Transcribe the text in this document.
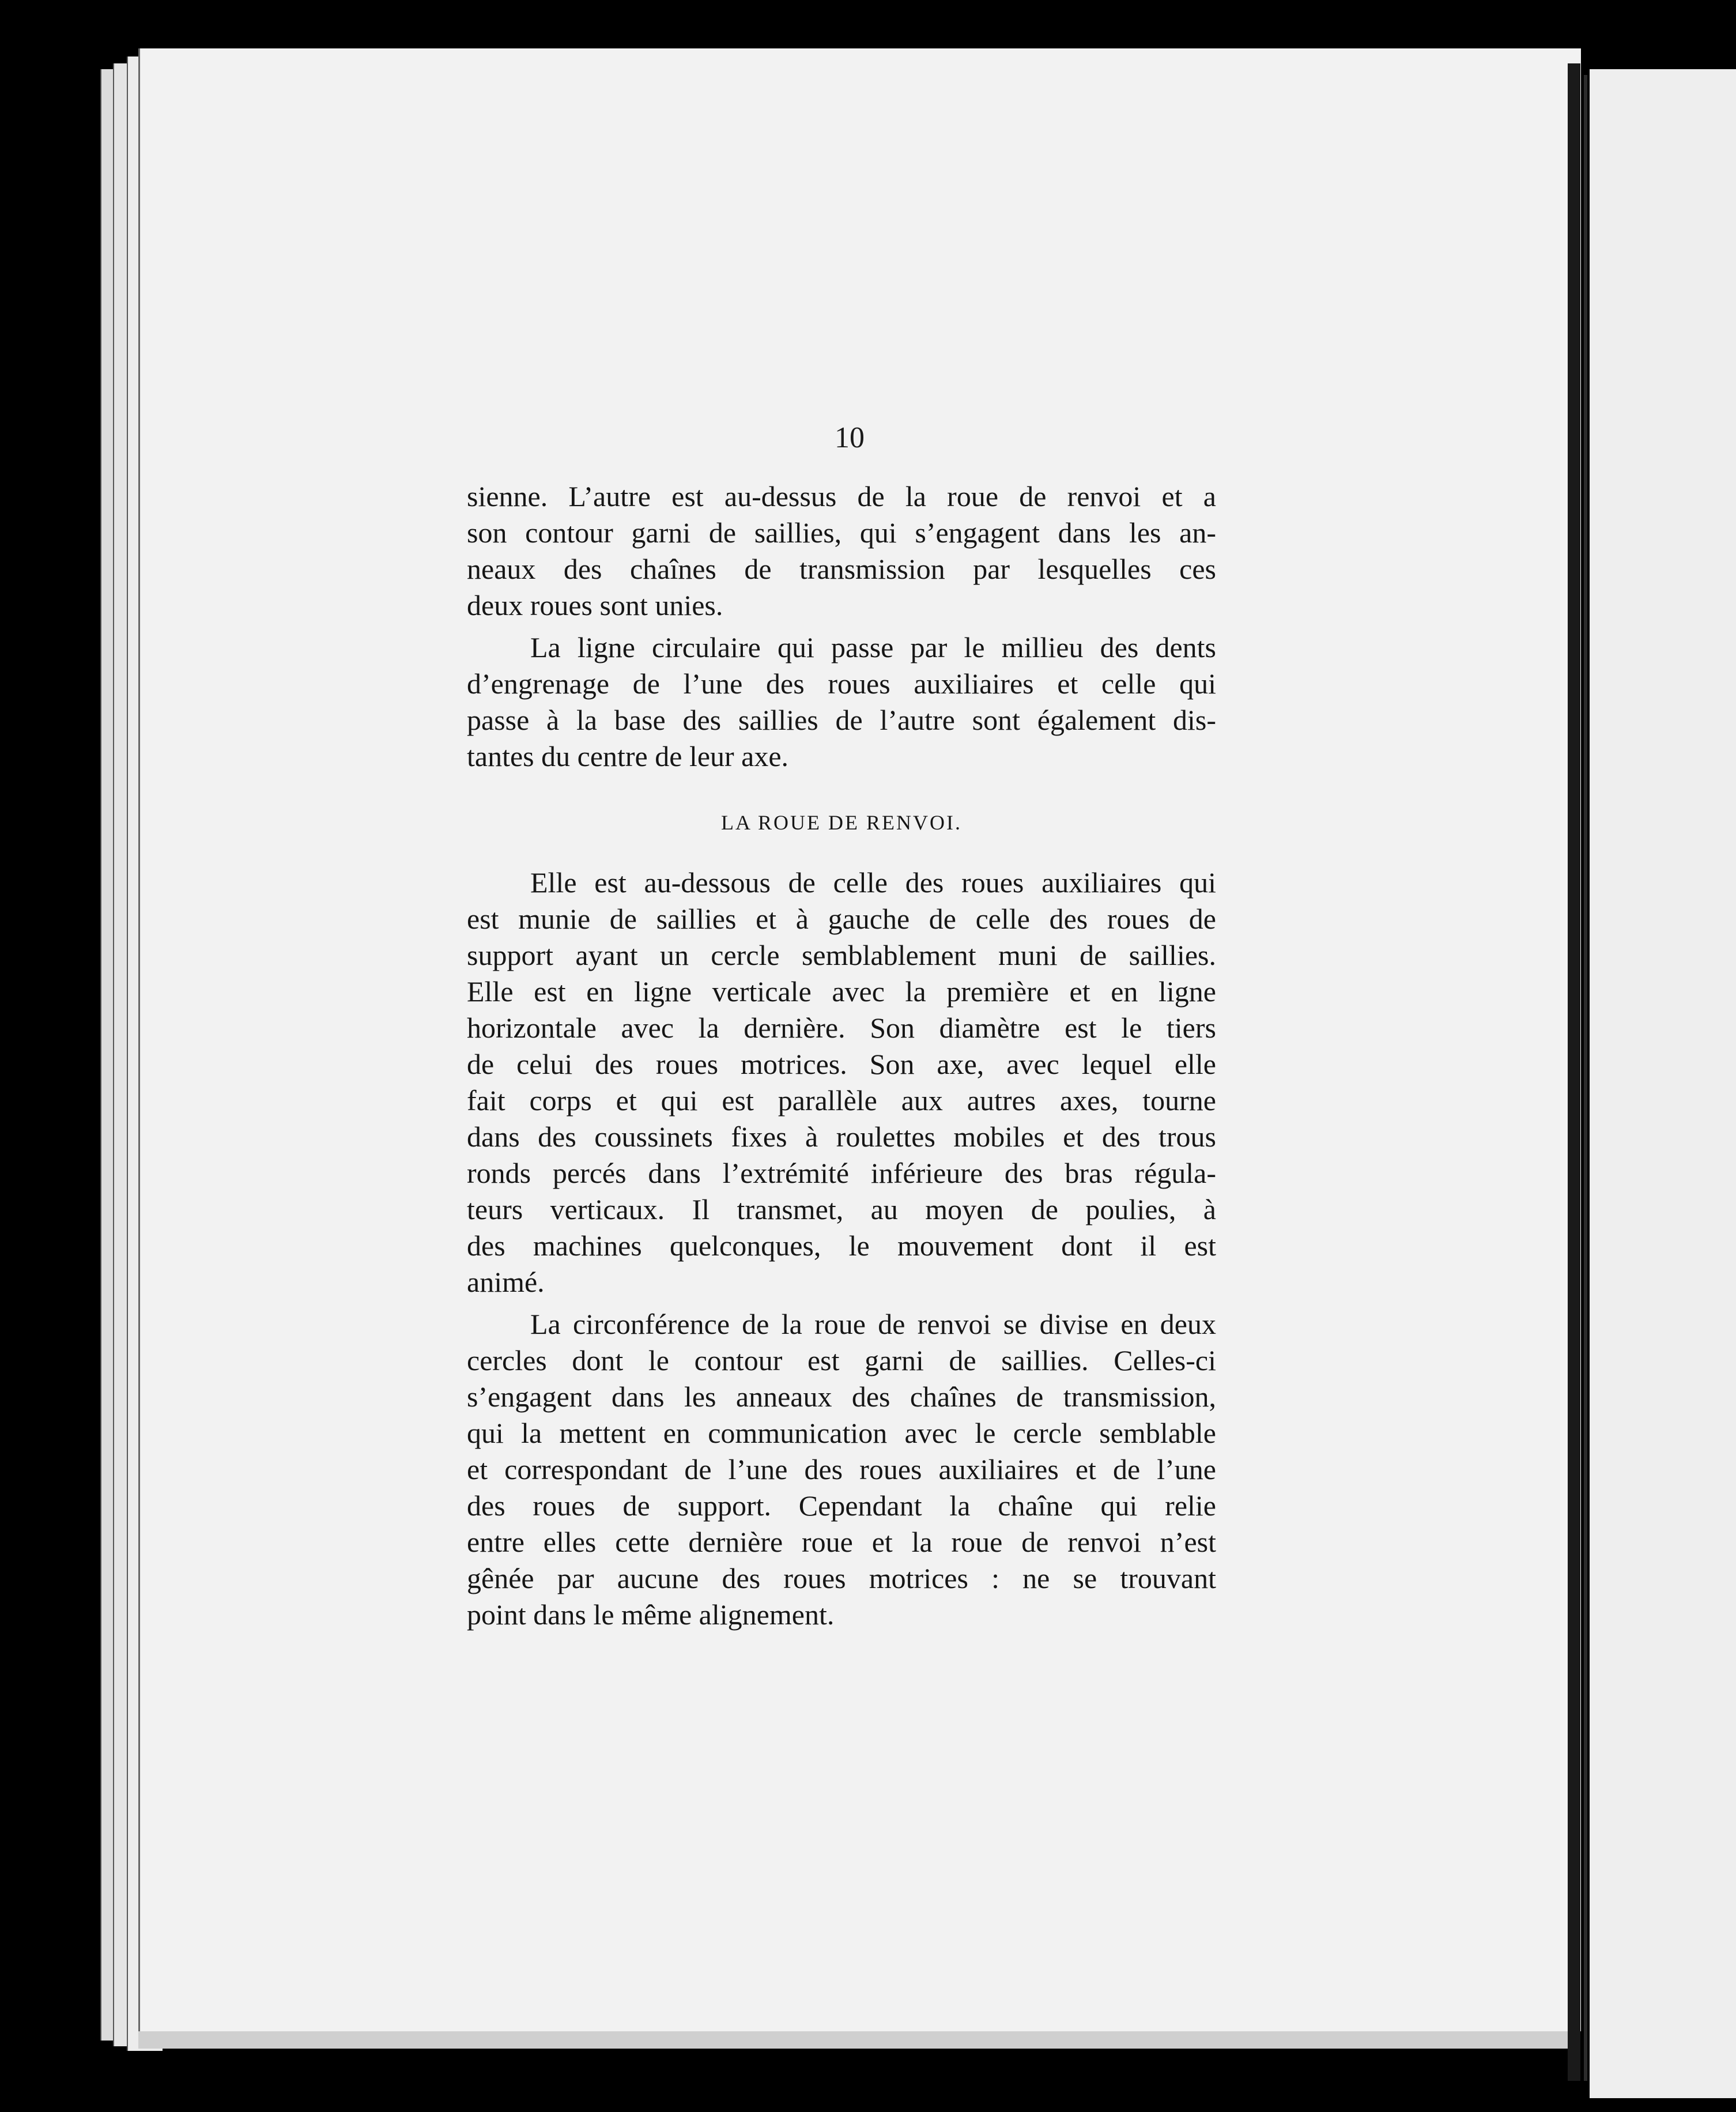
10
sienne. L’autre est au-dessus de la roue de renvoi et a
son contour garni de saillies, qui s’engagent dans les an-
neaux des chaînes de transmission par lesquelles ces
deux roues sont unies.
La ligne circulaire qui passe par le millieu des dents
d’engrenage de l’une des roues auxiliaires et celle qui
passe à la base des saillies de l’autre sont également dis-
tantes du centre de leur axe.
LA ROUE DE RENVOI.
Elle est au-dessous de celle des roues auxiliaires qui
est munie de saillies et à gauche de celle des roues de
support ayant un cercle semblablement muni de saillies.
Elle est en ligne verticale avec la première et en ligne
horizontale avec la dernière. Son diamètre est le tiers
de celui des roues motrices. Son axe, avec lequel elle
fait corps et qui est parallèle aux autres axes, tourne
dans des coussinets fixes à roulettes mobiles et des trous
ronds percés dans l’extrémité inférieure des bras régula-
teurs verticaux. Il transmet, au moyen de poulies, à
des machines quelconques, le mouvement dont il est
animé.
La circonférence de la roue de renvoi se divise en deux
cercles dont le contour est garni de saillies. Celles-ci
s’engagent dans les anneaux des chaînes de transmission,
qui la mettent en communication avec le cercle semblable
et correspondant de l’une des roues auxiliaires et de l’une
des roues de support. Cependant la chaîne qui relie
entre elles cette dernière roue et la roue de renvoi n’est
gênée par aucune des roues motrices : ne se trouvant
point dans le même alignement.
